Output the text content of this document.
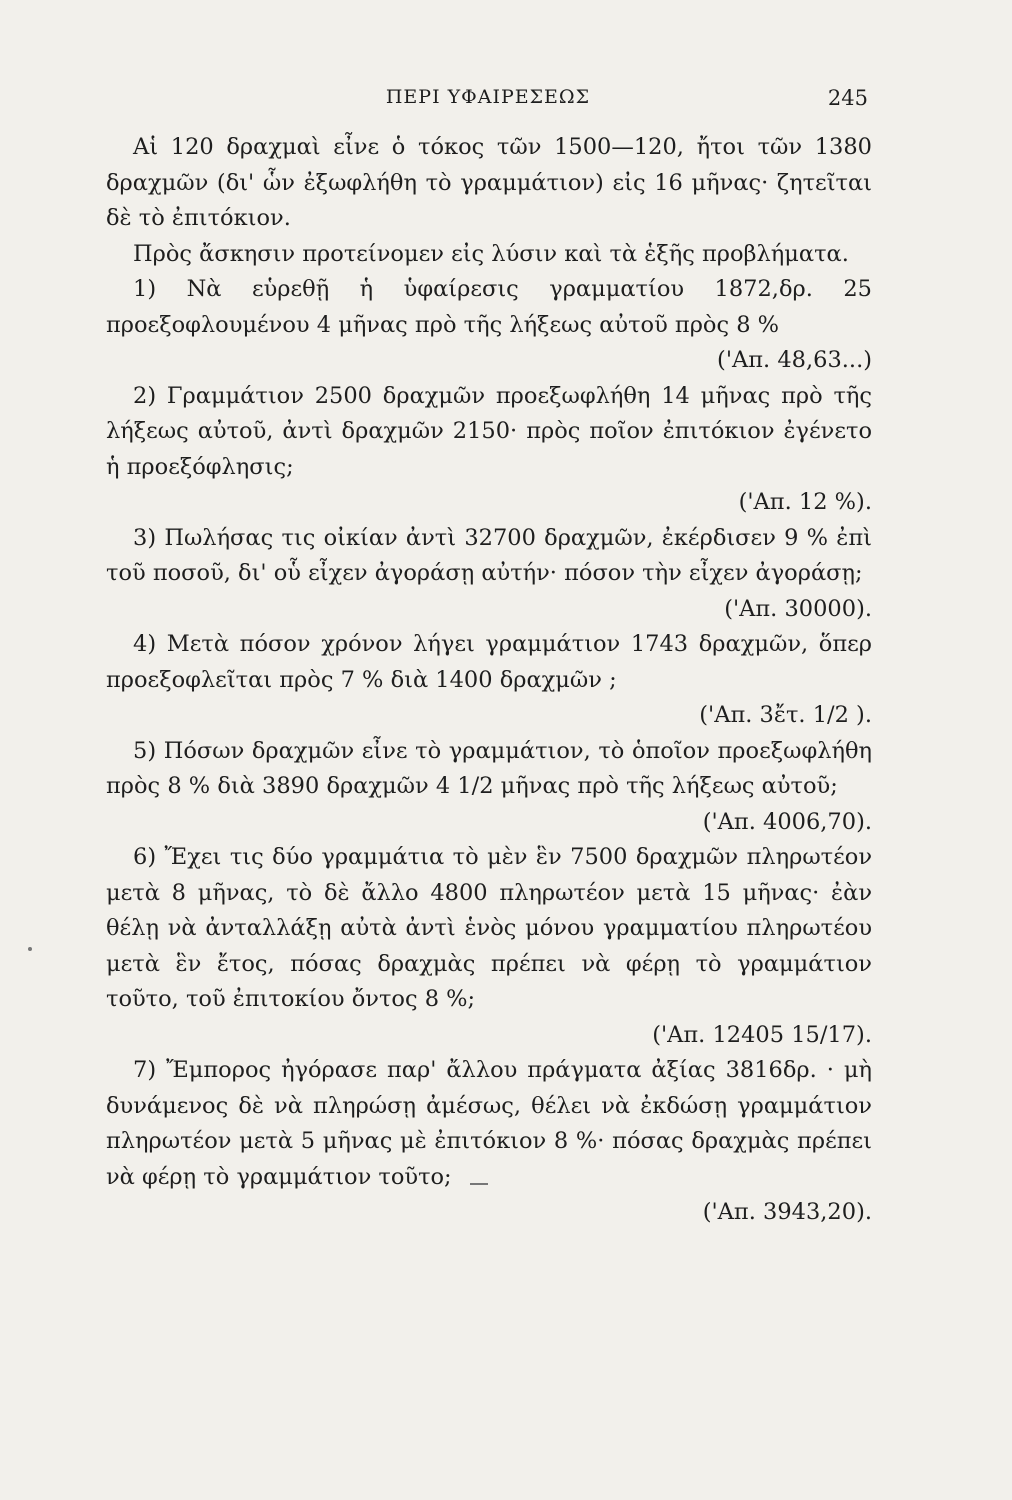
ΠΕΡΙ ΥΦΑΙΡΕΣΕΩΣ	245

Αἱ 120 δραχμαὶ εἶνε ὁ τόκος τῶν 1500—120, ἤτοι τῶν 1380 δραχμῶν (δι' ὧν ἐξωφλήθη τὸ γραμμάτιον) εἰς 16 μῆνας· ζητεῖται δὲ τὸ ἐπιτόκιον.

Πρὸς ἄσκησιν προτείνομεν εἰς λύσιν καὶ τὰ ἑξῆς προβλήματα.

1) Νὰ εὑρεθῇ ἡ ὑφαίρεσις γραμματίου 1872,δρ. 25 προεξοφλουμένου 4 μῆνας πρὸ τῆς λήξεως αὐτοῦ πρὸς 8 %

('Απ. 48,63...)

2) Γραμμάτιον 2500 δραχμῶν προεξωφλήθη 14 μῆνας πρὸ τῆς λήξεως αὐτοῦ, ἀντὶ δραχμῶν 2150· πρὸς ποῖον ἐπιτόκιον ἐγένετο ἡ προεξόφλησις;

('Απ. 12 %).

3) Πωλήσας τις οἰκίαν ἀντὶ 32700 δραχμῶν, ἐκέρδισεν 9 % ἐπὶ τοῦ ποσοῦ, δι' οὗ εἶχεν ἀγοράσῃ αὐτήν· πόσον τὴν εἶχεν ἀγοράσῃ;

('Απ. 30000).

4) Μετὰ πόσον χρόνον λήγει γραμμάτιον 1743 δραχμῶν, ὅπερ προεξοφλεῖται πρὸς 7 % διὰ 1400 δραχμῶν ;

('Απ. 3ἔτ. 1/2 ).

5) Πόσων δραχμῶν εἶνε τὸ γραμμάτιον, τὸ ὁποῖον προεξωφλήθη πρὸς 8 % διὰ 3890 δραχμῶν 4 1/2 μῆνας πρὸ τῆς λήξεως αὐτοῦ;

('Απ. 4006,70).

6) Ἔχει τις δύο γραμμάτια τὸ μὲν ἓν 7500 δραχμῶν πληρωτέον μετὰ 8 μῆνας, τὸ δὲ ἄλλο 4800 πληρωτέον μετὰ 15 μῆνας· ἐὰν θέλῃ νὰ ἀνταλλάξῃ αὐτὰ ἀντὶ ἑνὸς μόνου γραμματίου πληρωτέου μετὰ ἓν ἔτος, πόσας δραχμὰς πρέπει νὰ φέρῃ τὸ γραμμάτιον τοῦτο, τοῦ ἐπιτοκίου ὄντος 8 %;

('Απ. 12405 15/17).

7) Ἔμπορος ἠγόρασε παρ' ἄλλου πράγματα ἀξίας 3816δρ. · μὴ δυνάμενος δὲ νὰ πληρώσῃ ἀμέσως, θέλει νὰ ἐκδώσῃ γραμμάτιον πληρωτέον μετὰ 5 μῆνας μὲ ἐπιτόκιον 8 %· πόσας δραχμὰς πρέπει νὰ φέρῃ τὸ γραμμάτιον τοῦτο;

('Απ. 3943,20).
